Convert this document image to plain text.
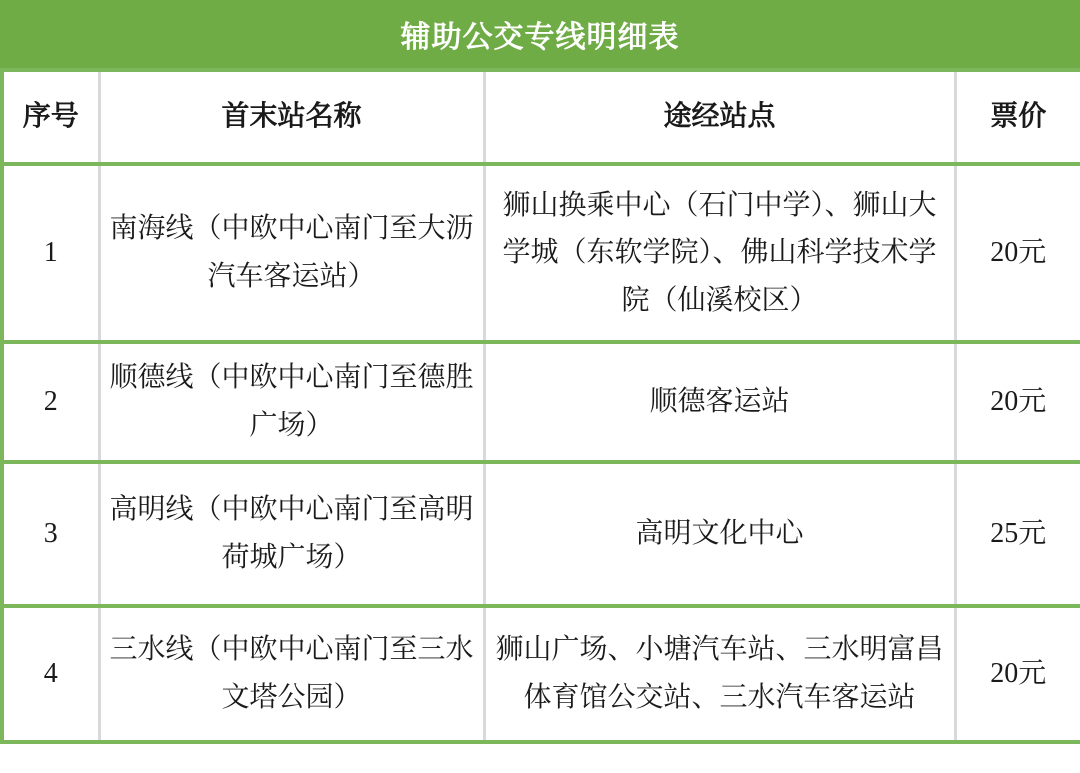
辅助公交专线明细表
序号	首末站名称	途经站点	票价
1	南海线（中欧中心南门至大沥汽车客运站）	狮山换乘中心（石门中学）、狮山大学城（东软学院）、佛山科学技术学院（仙溪校区）	20元
2	顺德线（中欧中心南门至德胜广场）	顺德客运站	20元
3	高明线（中欧中心南门至高明荷城广场）	高明文化中心	25元
4	三水线（中欧中心南门至三水文塔公园）	狮山广场、小塘汽车站、三水明富昌体育馆公交站、三水汽车客运站	20元
